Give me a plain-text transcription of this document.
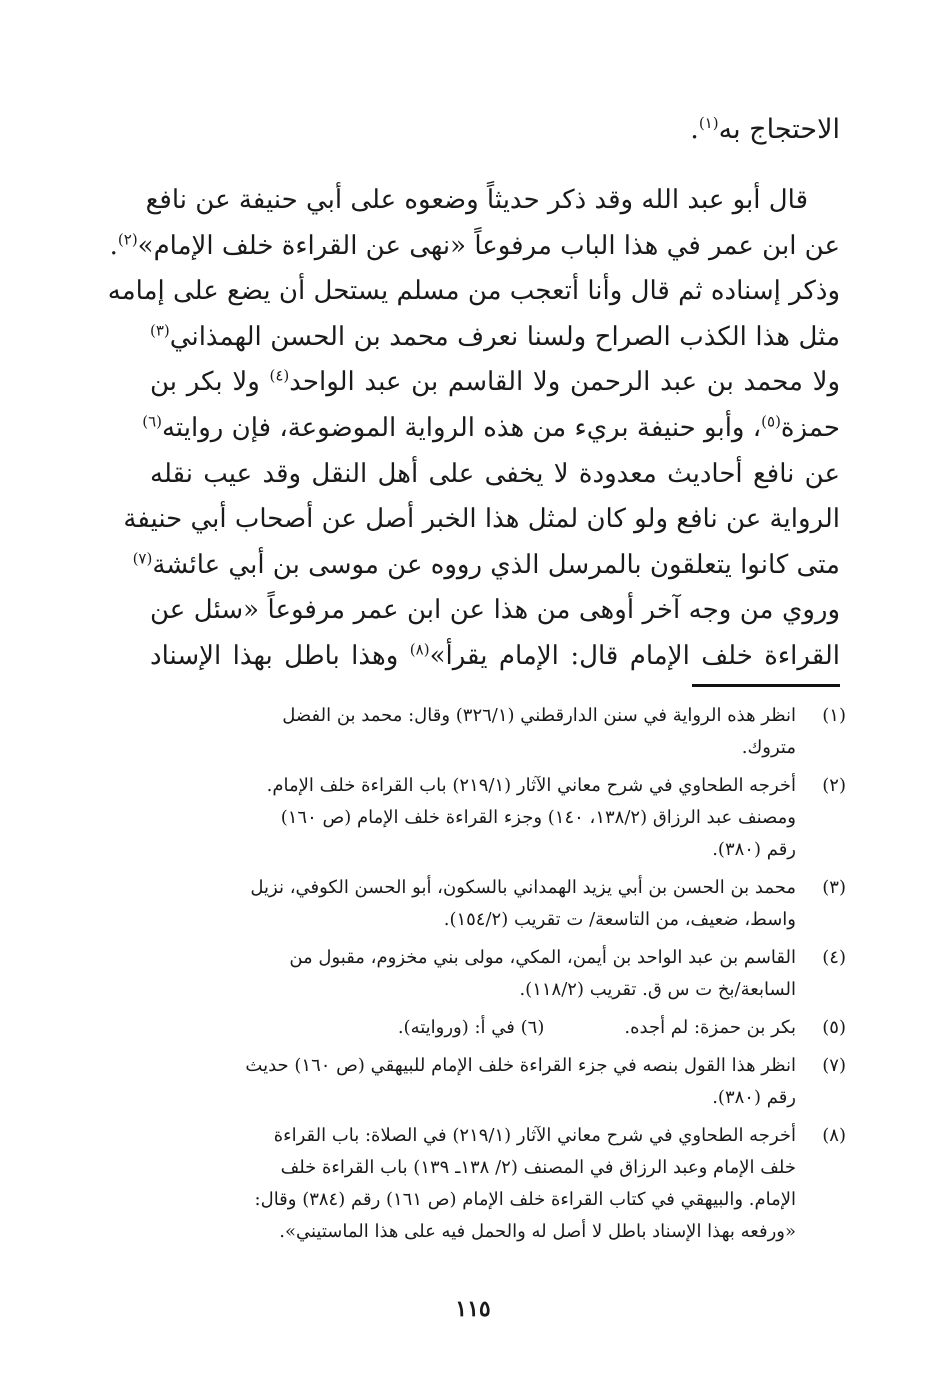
الاحتجاج به$^{(١)}$.
قال أبو عبد الله وقد ذكر حديثاً وضعوه على أبي حنيفة عن نافع
عن ابن عمر في هذا الباب مرفوعاً «نهى عن القراءة خلف الإمام»$^{(٢)}$.
وذكر إسناده ثم قال وأنا أتعجب من مسلم يستحل أن يضع على إمامه
مثل هذا الكذب الصراح ولسنا نعرف محمد بن الحسن الهمذاني$^{(٣)}$
ولا محمد بن عبد الرحمن ولا القاسم بن عبد الواحد$^{(٤)}$ ولا بكر بن
حمزة$^{(٥)}$، وأبو حنيفة بريء من هذه الرواية الموضوعة، فإن روايته$^{(٦)}$
عن نافع أحاديث معدودة لا يخفى على أهل النقل وقد عيب نقله
الرواية عن نافع ولو كان لمثل هذا الخبر أصل عن أصحاب أبي حنيفة
متى كانوا يتعلقون بالمرسل الذي رووه عن موسى بن أبي عائشة$^{(٧)}$
وروي من وجه آخر أوهى من هذا عن ابن عمر مرفوعاً «سئل عن
القراءة خلف الإمام قال: الإمام يقرأ»$^{(٨)}$ وهذا باطل بهذا الإسناد
(١)
انظر هذه الرواية في سنن الدارقطني (٣٢٦/١) وقال: محمد بن الفضل
متروك.
(٢)
أخرجه الطحاوي في شرح معاني الآثار (٢١٩/١) باب القراءة خلف الإمام.
ومصنف عبد الرزاق (١٣٨/٢، ١٤٠) وجزء القراءة خلف الإمام (ص ١٦٠)
رقم (٣٨٠).
(٣)
محمد بن الحسن بن أبي يزيد الهمداني بالسكون، أبو الحسن الكوفي، نزيل
واسط، ضعيف، من التاسعة/ ت تقريب (١٥٤/٢).
(٤)
القاسم بن عبد الواحد بن أيمن، المكي، مولى بني مخزوم، مقبول من
السابعة/بخ ت س ق. تقريب (١١٨/٢).
(٥)
بكر بن حمزة: لم أجده.
(٦) في أ: (وروايته).
(٧)
انظر هذا القول بنصه في جزء القراءة خلف الإمام للبيهقي (ص ١٦٠) حديث
رقم (٣٨٠).
(٨)
أخرجه الطحاوي في شرح معاني الآثار (٢١٩/١) في الصلاة: باب القراءة
خلف الإمام وعبد الرزاق في المصنف (٢/ ١٣٨ـ ١٣٩) باب القراءة خلف
الإمام. والبيهقي في كتاب القراءة خلف الإمام (ص ١٦١) رقم (٣٨٤) وقال:
«ورفعه بهذا الإسناد باطل لا أصل له والحمل فيه على هذا الماستيني».
١١٥
